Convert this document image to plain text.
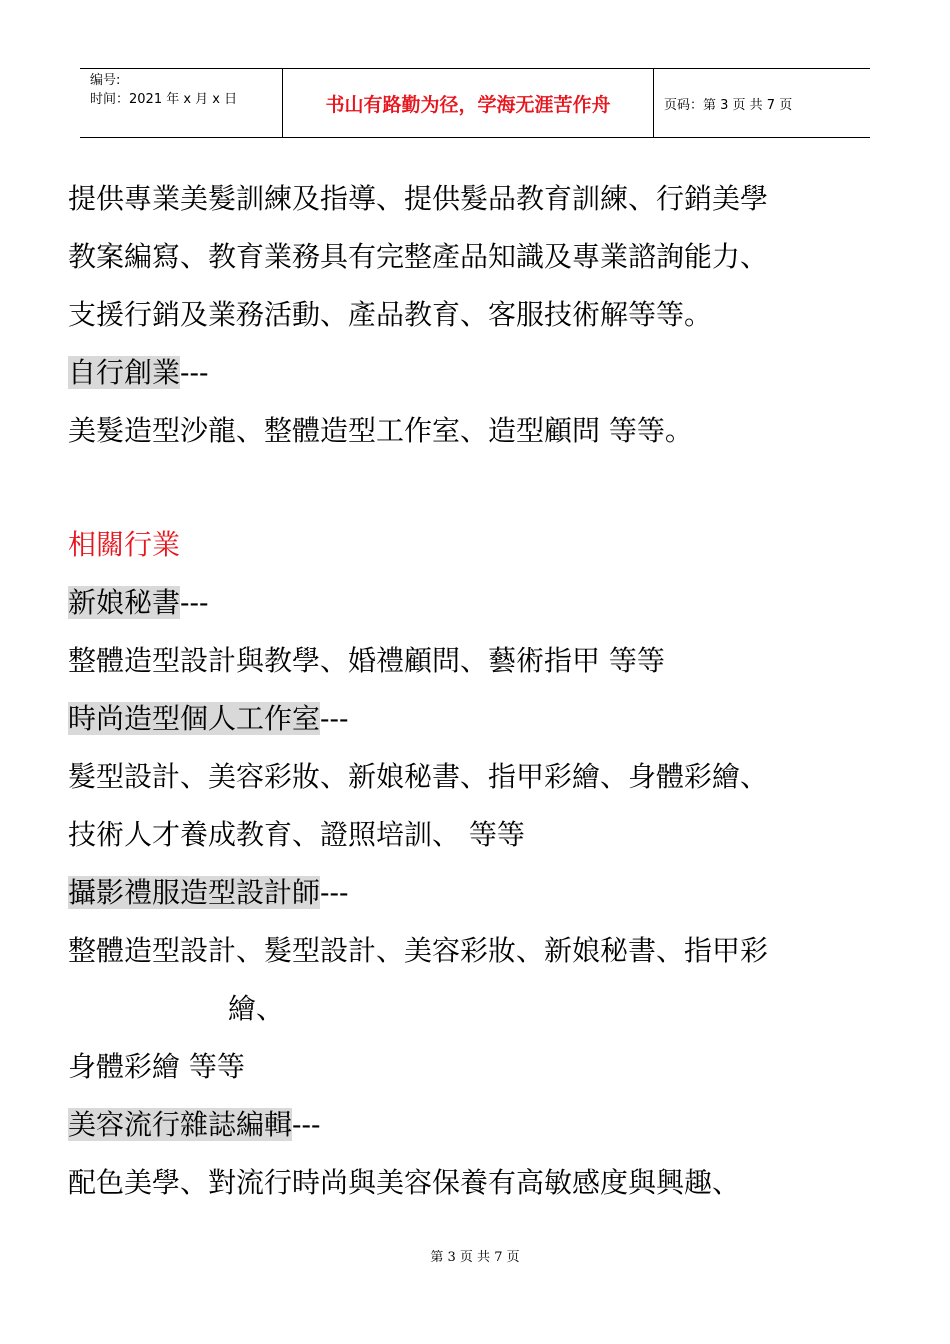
编号:
时间：2021 年 x 月 x 日	书山有路勤为径，学海无涯苦作舟	页码：第 3 页 共 7 页
提供專業美髮訓練及指導、提供髮品教育訓練、行銷美學
教案編寫、教育業務具有完整產品知識及專業諮詢能力、
支援行銷及業務活動、產品教育、客服技術解等等。
自行創業---
美髮造型沙龍、整體造型工作室、造型顧問 等等。
相關行業
新娘秘書---
整體造型設計與教學、婚禮顧問、藝術指甲 等等
時尚造型個人工作室---
髮型設計、美容彩妝、新娘秘書、指甲彩繪、身體彩繪、
技術人才養成教育、證照培訓、 等等
攝影禮服造型設計師---
整體造型設計、髮型設計、美容彩妝、新娘秘書、指甲彩
繪、
身體彩繪 等等
美容流行雜誌編輯---
配色美學、對流行時尚與美容保養有高敏感度與興趣、
第 3 页 共 7 页
